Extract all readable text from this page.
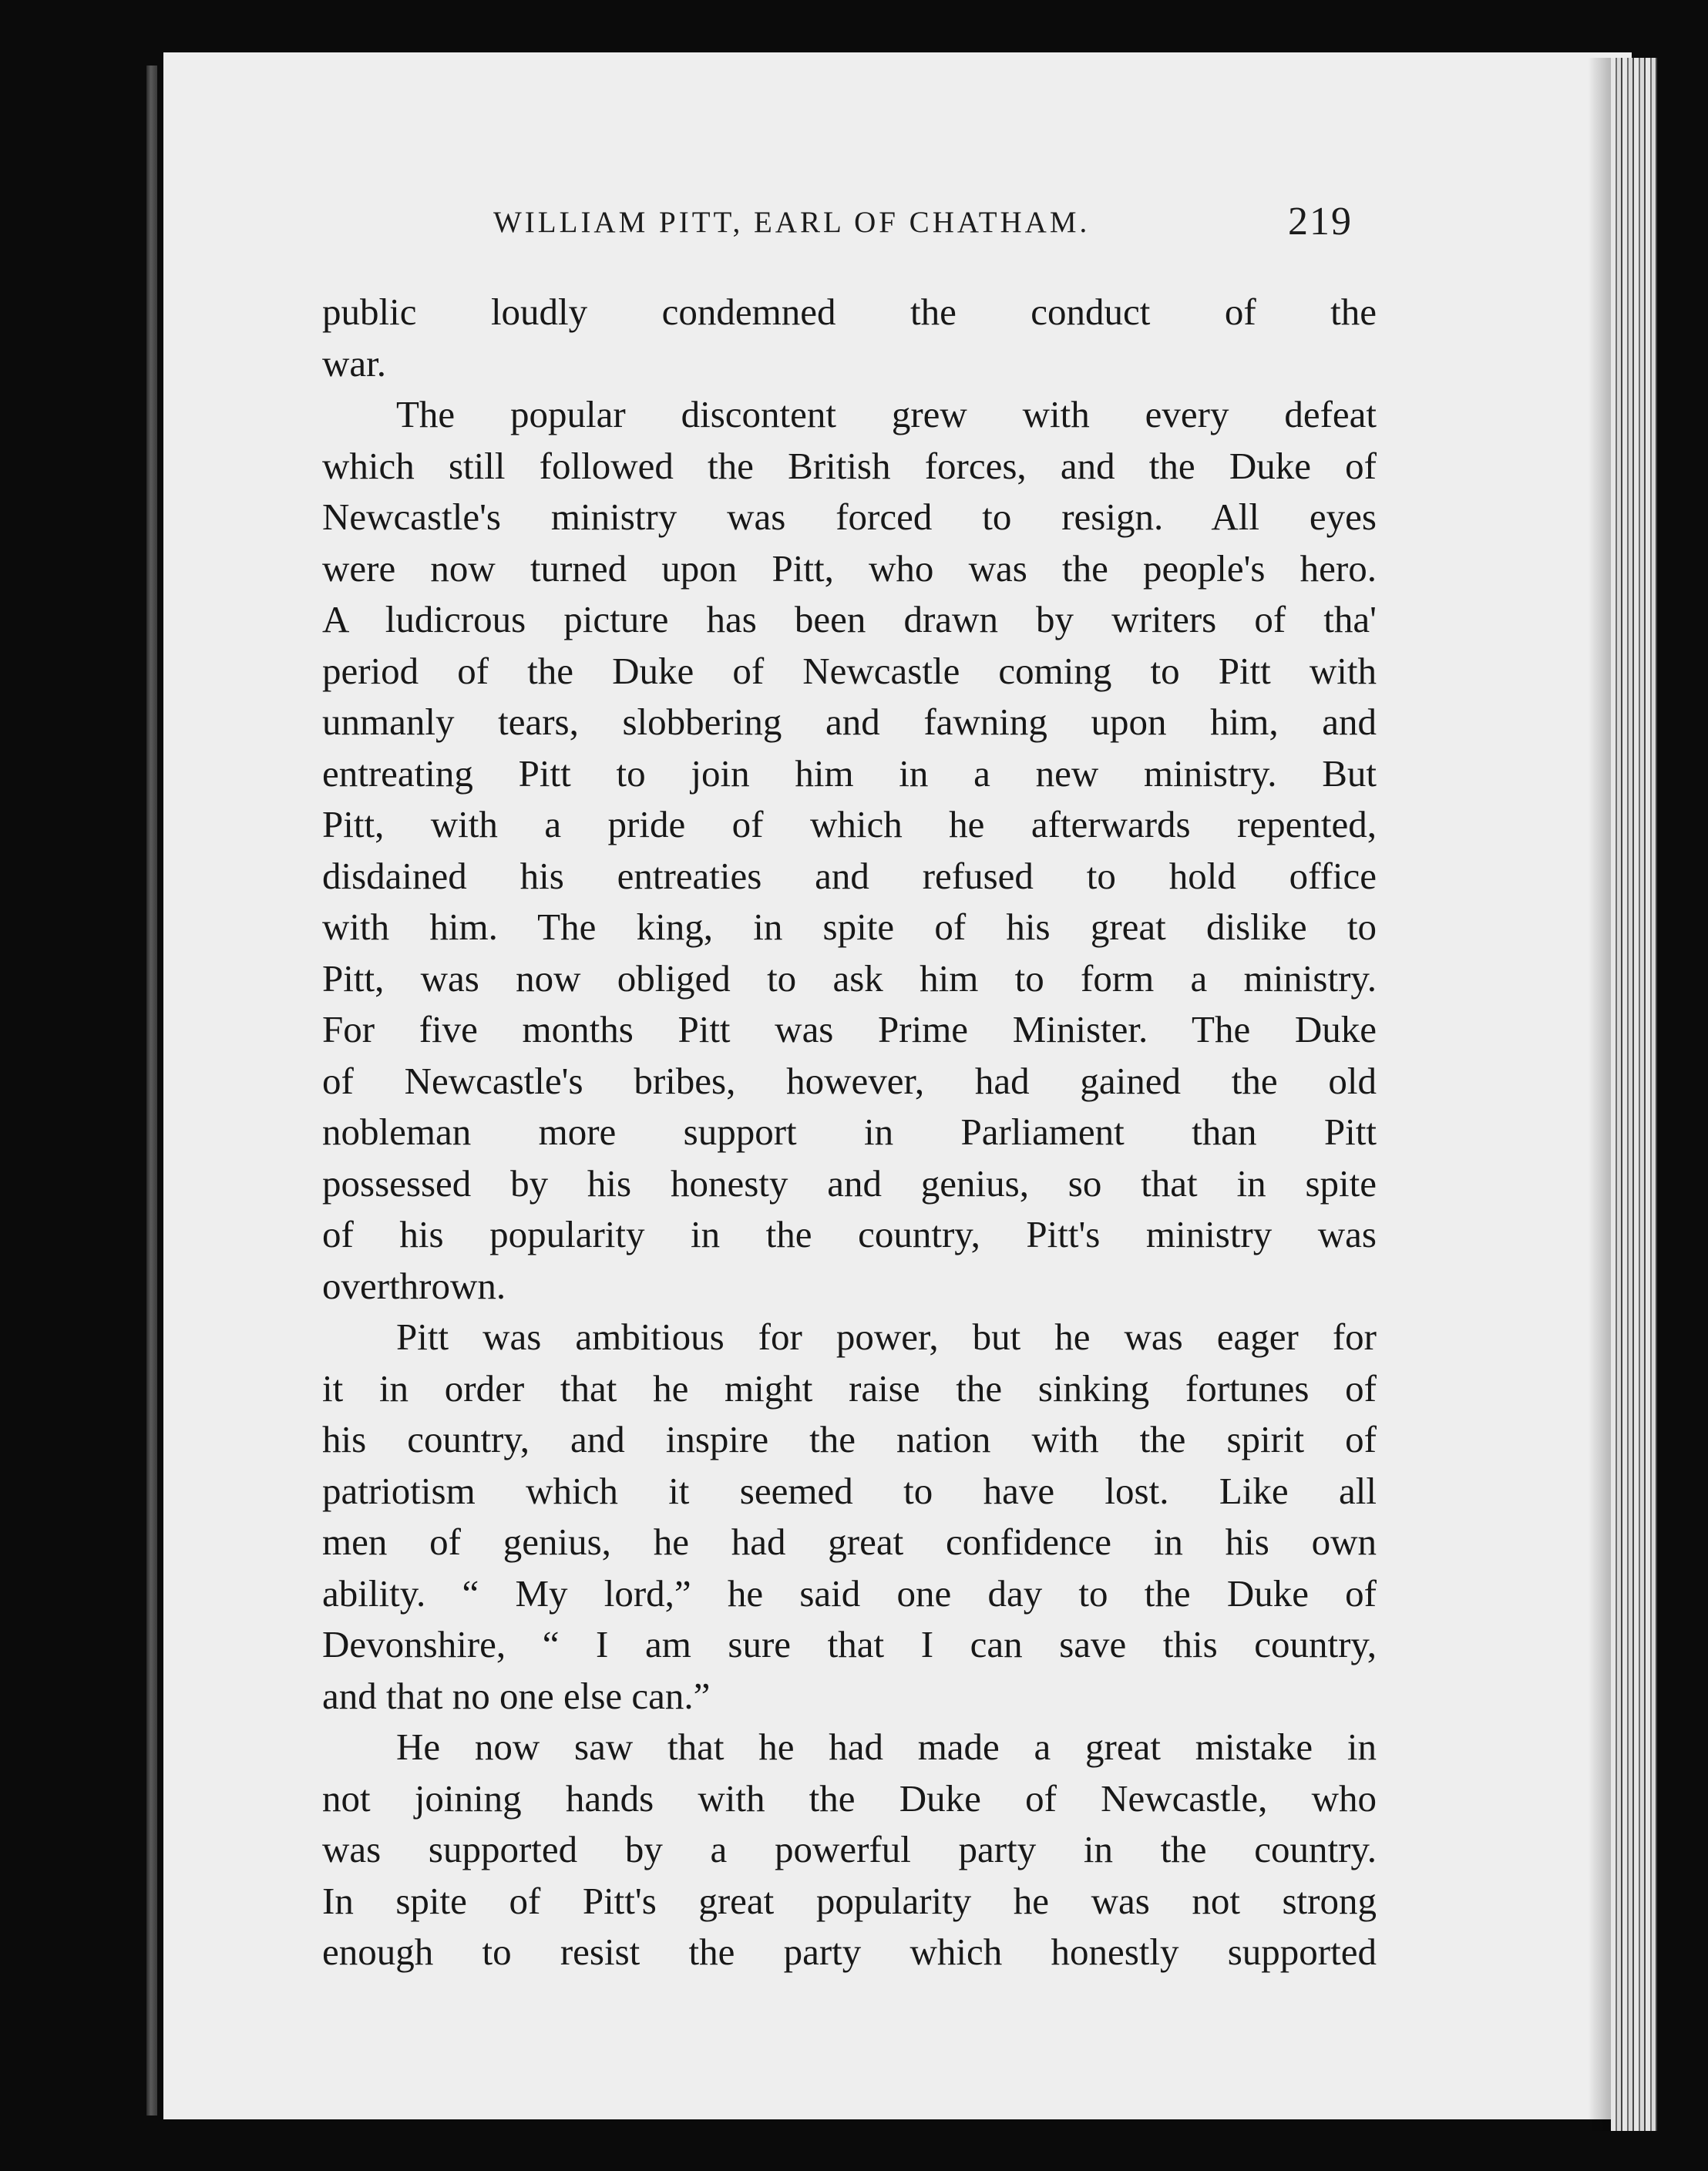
WILLIAM PITT, EARL OF CHATHAM.	219
public loudly condemned the conduct of the
war.
The popular discontent grew with every defeat
which still followed the British forces, and the Duke of
Newcastle's ministry was forced to resign. All eyes
were now turned upon Pitt, who was the people's hero.
A ludicrous picture has been drawn by writers of tha'
period of the Duke of Newcastle coming to Pitt with
unmanly tears, slobbering and fawning upon him, and
entreating Pitt to join him in a new ministry. But
Pitt, with a pride of which he afterwards repented,
disdained his entreaties and refused to hold office
with him. The king, in spite of his great dislike to
Pitt, was now obliged to ask him to form a ministry.
For five months Pitt was Prime Minister. The Duke
of Newcastle's bribes, however, had gained the old
nobleman more support in Parliament than Pitt
possessed by his honesty and genius, so that in spite
of his popularity in the country, Pitt's ministry was
overthrown.
Pitt was ambitious for power, but he was eager for
it in order that he might raise the sinking fortunes of
his country, and inspire the nation with the spirit of
patriotism which it seemed to have lost. Like all
men of genius, he had great confidence in his own
ability. “ My lord,” he said one day to the Duke of
Devonshire, “ I am sure that I can save this country,
and that no one else can.”
He now saw that he had made a great mistake in
not joining hands with the Duke of Newcastle, who
was supported by a powerful party in the country.
In spite of Pitt's great popularity he was not strong
enough to resist the party which honestly supported
